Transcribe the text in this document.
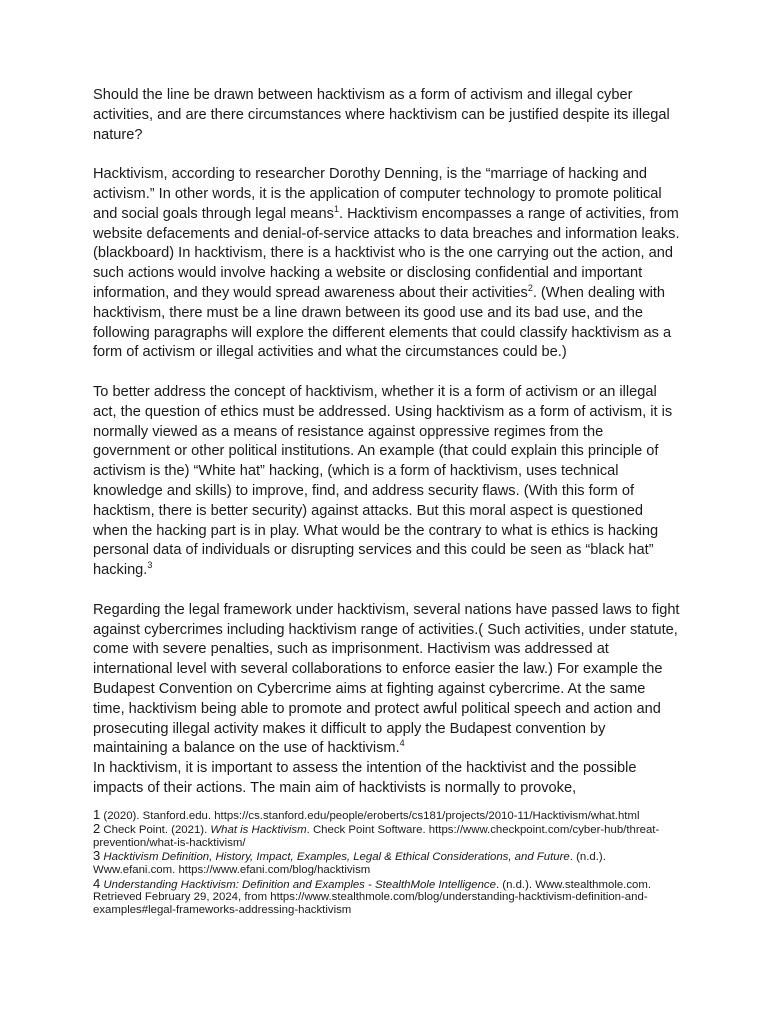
Should the line be drawn between hacktivism as a form of activism and illegal cyber activities, and are there circumstances where hacktivism can be justified despite its illegal nature?

Hacktivism, according to researcher Dorothy Denning, is the “marriage of hacking and activism.” In other words, it is the application of computer technology to promote political and social goals through legal means$^1$. Hacktivism encompasses a range of activities, from website defacements and denial-of-service attacks to data breaches and information leaks. (blackboard) In hacktivism, there is a hacktivist who is the one carrying out the action, and such actions would involve hacking a website or disclosing confidential and important information, and they would spread awareness about their activities$^2$. (When dealing with hacktivism, there must be a line drawn between its good use and its bad use, and the following paragraphs will explore the different elements that could classify hacktivism as a form of activism or illegal activities and what the circumstances could be.)

To better address the concept of hacktivism, whether it is a form of activism or an illegal act, the question of ethics must be addressed. Using hacktivism as a form of activism, it is normally viewed as a means of resistance against oppressive regimes from the government or other political institutions. An example (that could explain this principle of activism is the) “White hat” hacking, (which is a form of hacktivism, uses technical knowledge and skills) to improve, find, and address security flaws. (With this form of hacktism, there is better security) against attacks. But this moral aspect is questioned when the hacking part is in play. What would be the contrary to what is ethics is hacking personal data of individuals or disrupting services and this could be seen as “black hat” hacking.$^3$

Regarding the legal framework under hacktivism, several nations have passed laws to fight against cybercrimes including hacktivism range of activities.( Such activities, under statute, come with severe penalties, such as imprisonment. Hactivism was addressed at international level with several collaborations to enforce easier the law.) For example the Budapest Convention on Cybercrime aims at fighting against cybercrime. At the same time, hacktivism being able to promote and protect awful political speech and action and prosecuting illegal activity makes it difficult to apply the Budapest convention by maintaining a balance on the use of hacktivism.$^4$

In hacktivism, it is important to assess the intention of the hacktivist and the possible impacts of their actions. The main aim of hacktivists is normally to provoke,

1 (2020). Stanford.edu. https://cs.stanford.edu/people/eroberts/cs181/projects/2010-11/Hacktivism/what.html

2 Check Point. (2021). What is Hacktivism. Check Point Software. https://www.checkpoint.com/cyber-hub/threat-prevention/what-is-hacktivism/

3 Hacktivism Definition, History, Impact, Examples, Legal & Ethical Considerations, and Future. (n.d.). Www.efani.com. https://www.efani.com/blog/hacktivism

4 Understanding Hacktivism: Definition and Examples - StealthMole Intelligence. (n.d.). Www.stealthmole.com. Retrieved February 29, 2024, from https://www.stealthmole.com/blog/understanding-hacktivism-definition-and-examples#legal-frameworks-addressing-hacktivism
